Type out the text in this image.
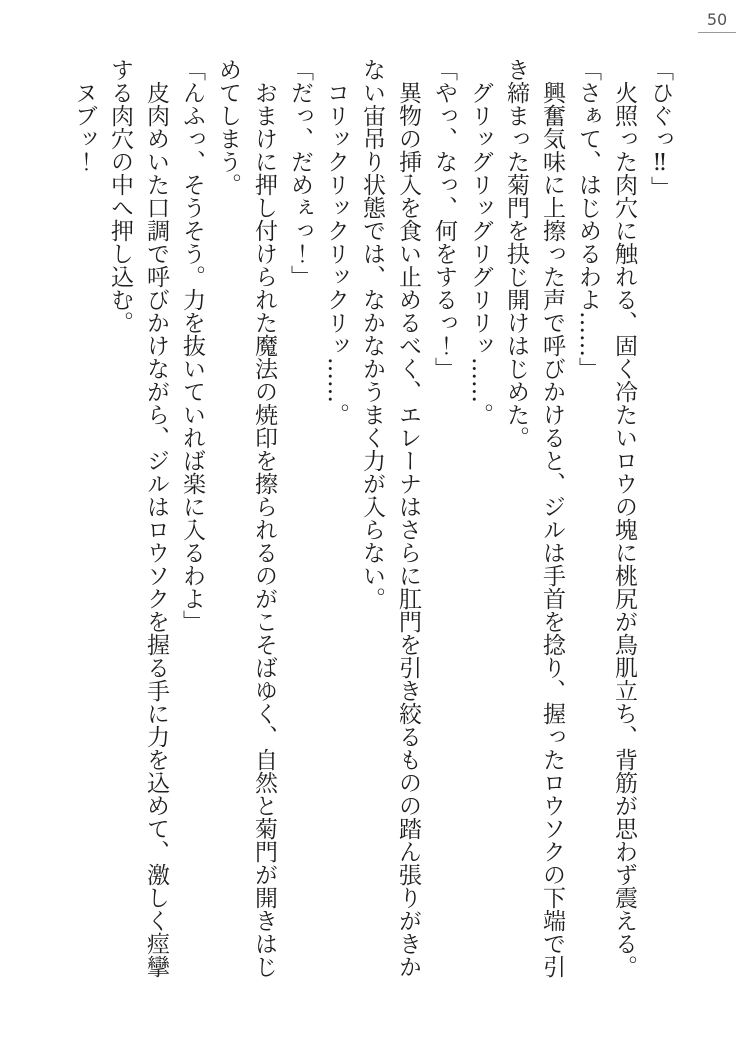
50
「ひぐっ‼」
　火照った肉穴に触れる、固く冷たいロウの塊に桃尻が鳥肌立ち、背筋が思わず震える。
「さぁて、はじめるわよ……」
　興奮気味に上擦った声で呼びかけると、ジルは手首を捻り、握ったロウソクの下端で引
き締まった菊門を抉じ開けはじめた。
　グリッグリッグリグリリッ……。
「やっ、なっ、何をするっ！」
　異物の挿入を食い止めるべく、エレーナはさらに肛門を引き絞るものの踏ん張りがきか
ない宙吊り状態では、なかなかうまく力が入らない。
　コリックリックリックリッ……。
「だっ、だめぇっ！」
　おまけに押し付けられた魔法の焼印を擦られるのがこそばゆく、自然と菊門が開きはじ
めてしまう。
「んふっ、そうそう。力を抜いていれば楽に入るわよ」
　皮肉めいた口調で呼びかけながら、ジルはロウソクを握る手に力を込めて、激しく痙攣
する肉穴の中へ押し込む。
　ヌブッ！
